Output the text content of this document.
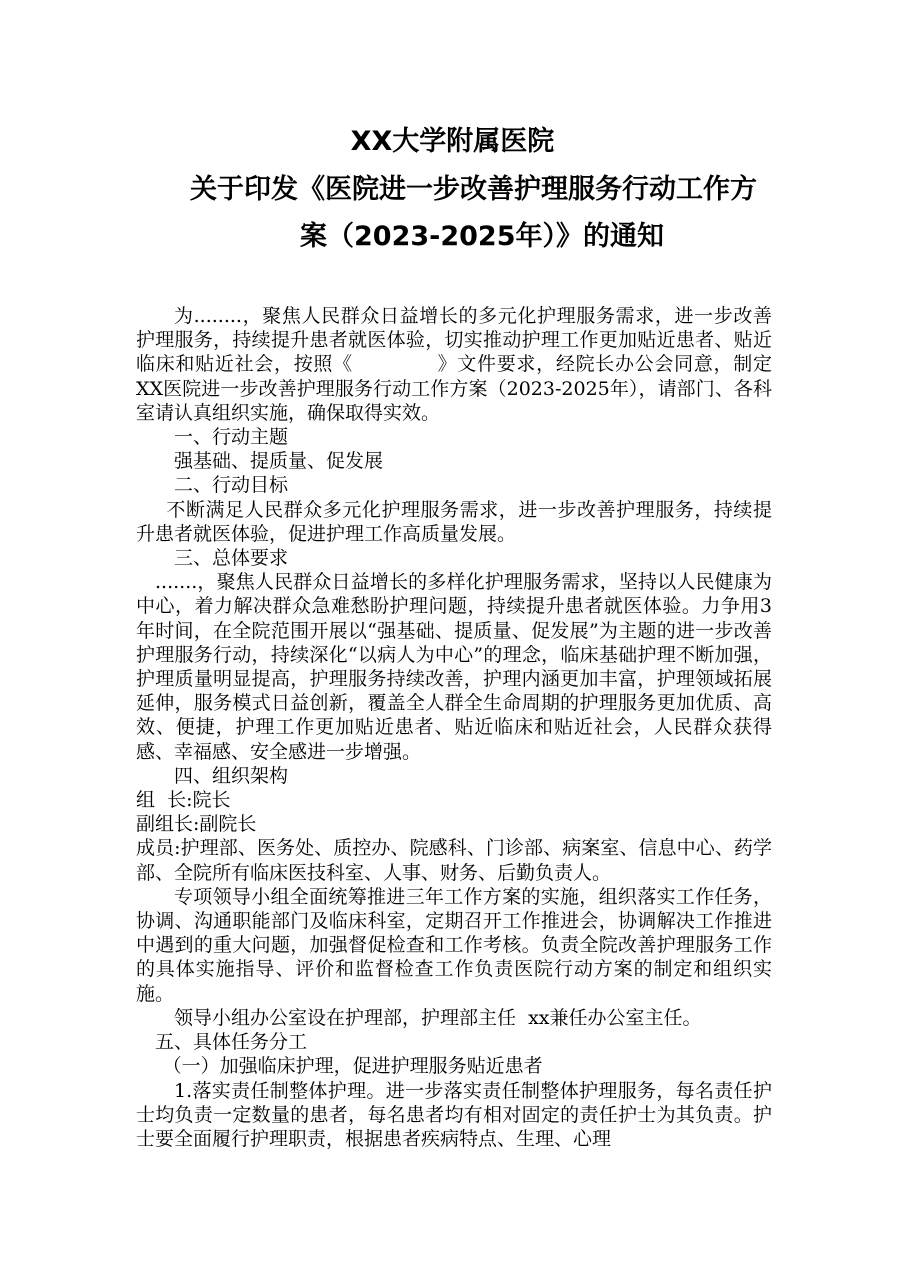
XX大学附属医院
关于印发《医院进一步改善护理服务行动工作方
案（2023-2025年）》的通知

为........，聚焦人民群众日益增长的多元化护理服务需求，进一步改善护理服务，持续提升患者就医体验，切实推动护理工作更加贴近患者、贴近临床和贴近社会，按照《	》文件要求，经院长办公会同意，制定XX医院进一步改善护理服务行动工作方案（2023-2025年），请部门、各科室请认真组织实施，确保取得实效。

一、行动主题

强基础、提质量、促发展

二、行动目标

不断满足人民群众多元化护理服务需求，进一步改善护理服务，持续提升患者就医体验，促进护理工作高质量发展。

三、总体要求

.......，聚焦人民群众日益增长的多样化护理服务需求，坚持以人民健康为中心，着力解决群众急难愁盼护理问题，持续提升患者就医体验。力争用3年时间，在全院范围开展以“强基础、提质量、促发展”为主题的进一步改善护理服务行动，持续深化“以病人为中心”的理念，临床基础护理不断加强，护理质量明显提高，护理服务持续改善，护理内涵更加丰富，护理领域拓展延伸，服务模式日益创新，覆盖全人群全生命周期的护理服务更加优质、高效、便捷，护理工作更加贴近患者、贴近临床和贴近社会，人民群众获得感、幸福感、安全感进一步增强。

四、组织架构

组  长:院长

副组长:副院长

成员:护理部、医务处、质控办、院感科、门诊部、病案室、信息中心、药学部、全院所有临床医技科室、人事、财务、后勤负责人。

专项领导小组全面统筹推进三年工作方案的实施，组织落实工作任务，协调、沟通职能部门及临床科室，定期召开工作推进会，协调解决工作推进中遇到的重大问题，加强督促检查和工作考核。负责全院改善护理服务工作的具体实施指导、评价和监督检查工作负责医院行动方案的制定和组织实施。

领导小组办公室设在护理部，护理部主任  xx兼任办公室主任。

五、具体任务分工

（一）加强临床护理，促进护理服务贴近患者

1.落实责任制整体护理。进一步落实责任制整体护理服务，每名责任护士均负责一定数量的患者，每名患者均有相对固定的责任护士为其负责。护士要全面履行护理职责，根据患者疾病特点、生理、心理
